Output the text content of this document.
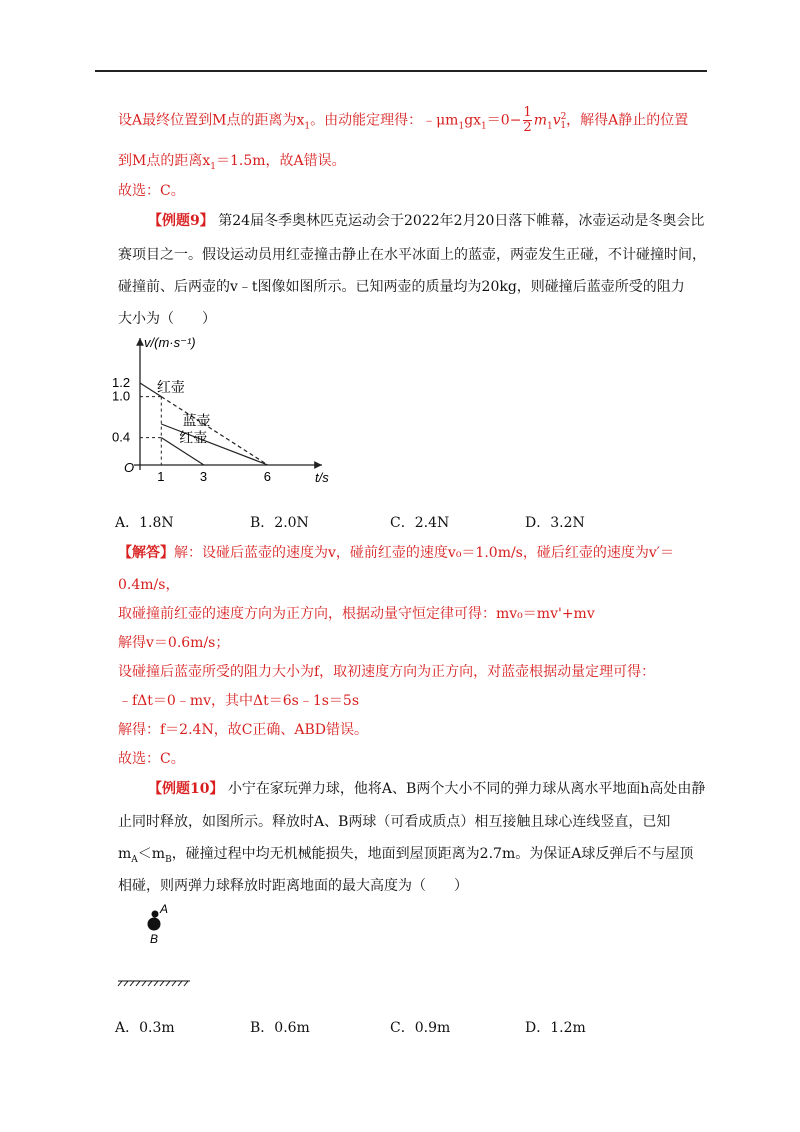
设A最终位置到M点的距离为$x_1$。由动能定理得：$﹣\mu m_1gx_1=0- \frac{1}{2} m_1v^2_1$，解得A静止的位置
到M点的距离$x_1=1.5m$，故A错误。
故选：C。
【例题9】 第24届冬季奥林匹克运动会于2022年2月20日落下帷幕，冰壶运动是冬奥会比
赛项目之一。假设运动员用红壶撞击静止在水平冰面上的蓝壶，两壶发生正碰，不计碰撞时间，
碰撞前、后两壶的v﹣t图像如图所示。已知两壶的质量均为20kg，则碰撞后蓝壶所受的阻力
大小为（　　）
v/(m·s⁻¹)
t/s
O
1.2
1.0
0.4
1	3	6
红壶
蓝壶
红壶
A．1.8N	B．2.0N	C．2.4N	D．3.2N
【解答】解：设碰后蓝壶的速度为v，碰前红壶的速度v₀＝1.0m/s，碰后红壶的速度为v′＝
0.4m/s，
取碰撞前红壶的速度方向为正方向，根据动量守恒定律可得：mv₀＝mv'+mv
解得v＝0.6m/s；
设碰撞后蓝壶所受的阻力大小为f，取初速度方向为正方向，对蓝壶根据动量定理可得：
﹣fΔt＝0﹣mv，其中Δt＝6s﹣1s＝5s
解得：f＝2.4N，故C正确、ABD错误。
故选：C。
【例题10】 小宁在家玩弹力球，他将A、B两个大小不同的弹力球从离水平地面h高处由静
止同时释放，如图所示。释放时A、B两球（可看成质点）相互接触且球心连线竖直，已知
$m_A<m_B$，碰撞过程中均无机械能损失，地面到屋顶距离为2.7m。为保证A球反弹后不与屋顶
相碰，则两弹力球释放时距离地面的最大高度为（　　）
A
B
A．0.3m	B．0.6m	C．0.9m	D．1.2m
